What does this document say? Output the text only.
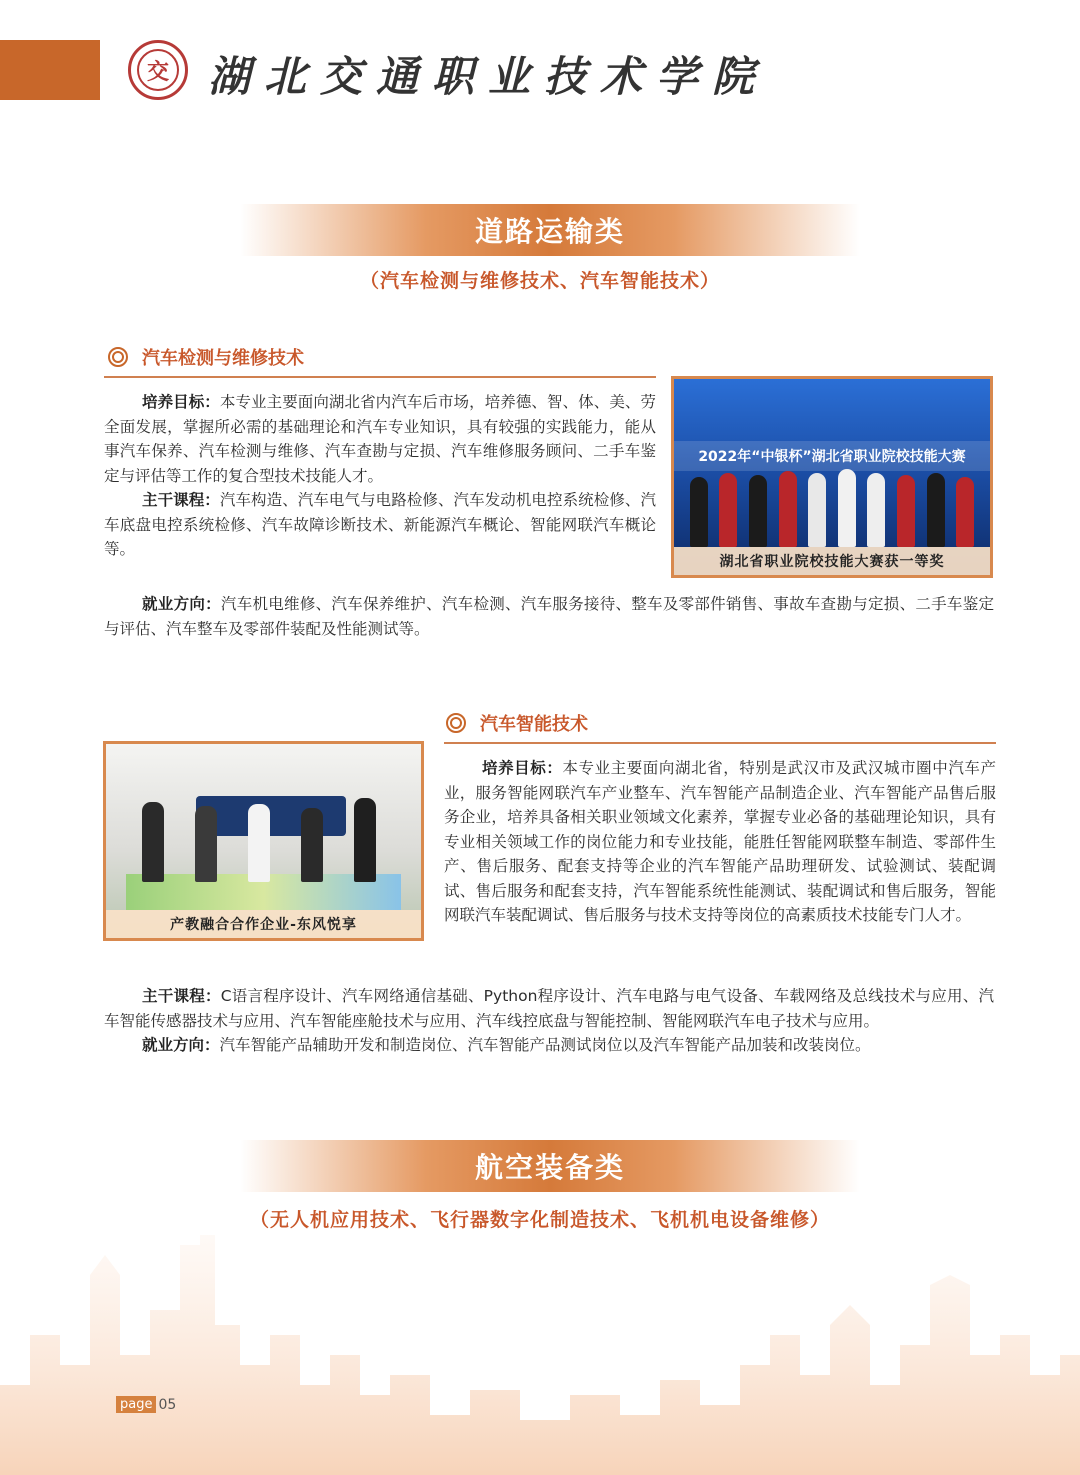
交 湖北交通职业技术学院
道路运输类
（汽车检测与维修技术、汽车智能技术）
汽车检测与维修技术

培养目标：本专业主要面向湖北省内汽车后市场，培养德、智、体、美、劳全面发展，掌握所必需的基础理论和汽车专业知识，具有较强的实践能力，能从事汽车保养、汽车检测与维修、汽车查勘与定损、汽车维修服务顾问、二手车鉴定与评估等工作的复合型技术技能人才。

主干课程：汽车构造、汽车电气与电路检修、汽车发动机电控系统检修、汽车底盘电控系统检修、汽车故障诊断技术、新能源汽车概论、智能网联汽车概论等。

2022年“中银杯”湖北省职业院校技能大赛
湖北省职业院校技能大赛获一等奖

就业方向：汽车机电维修、汽车保养维护、汽车检测、汽车服务接待、整车及零部件销售、事故车查勘与定损、二手车鉴定与评估、汽车整车及零部件装配及性能测试等。

汽车智能技术
产教融合合作企业-东风悦享

培养目标：本专业主要面向湖北省，特别是武汉市及武汉城市圈中汽车产业，服务智能网联汽车产业整车、汽车智能产品制造企业、汽车智能产品售后服务企业，培养具备相关职业领域文化素养，掌握专业必备的基础理论知识，具有专业相关领域工作的岗位能力和专业技能，能胜任智能网联整车制造、零部件生产、售后服务、配套支持等企业的汽车智能产品助理研发、试验测试、装配调试、售后服务和配套支持，汽车智能系统性能测试、装配调试和售后服务，智能网联汽车装配调试、售后服务与技术支持等岗位的高素质技术技能专门人才。

主干课程：C语言程序设计、汽车网络通信基础、Python程序设计、汽车电路与电气设备、车载网络及总线技术与应用、汽车智能传感器技术与应用、汽车智能座舱技术与应用、汽车线控底盘与智能控制、智能网联汽车电子技术与应用。

就业方向：汽车智能产品辅助开发和制造岗位、汽车智能产品测试岗位以及汽车智能产品加装和改装岗位。

航空装备类
（无人机应用技术、飞行器数字化制造技术、飞机机电设备维修）
page 05
